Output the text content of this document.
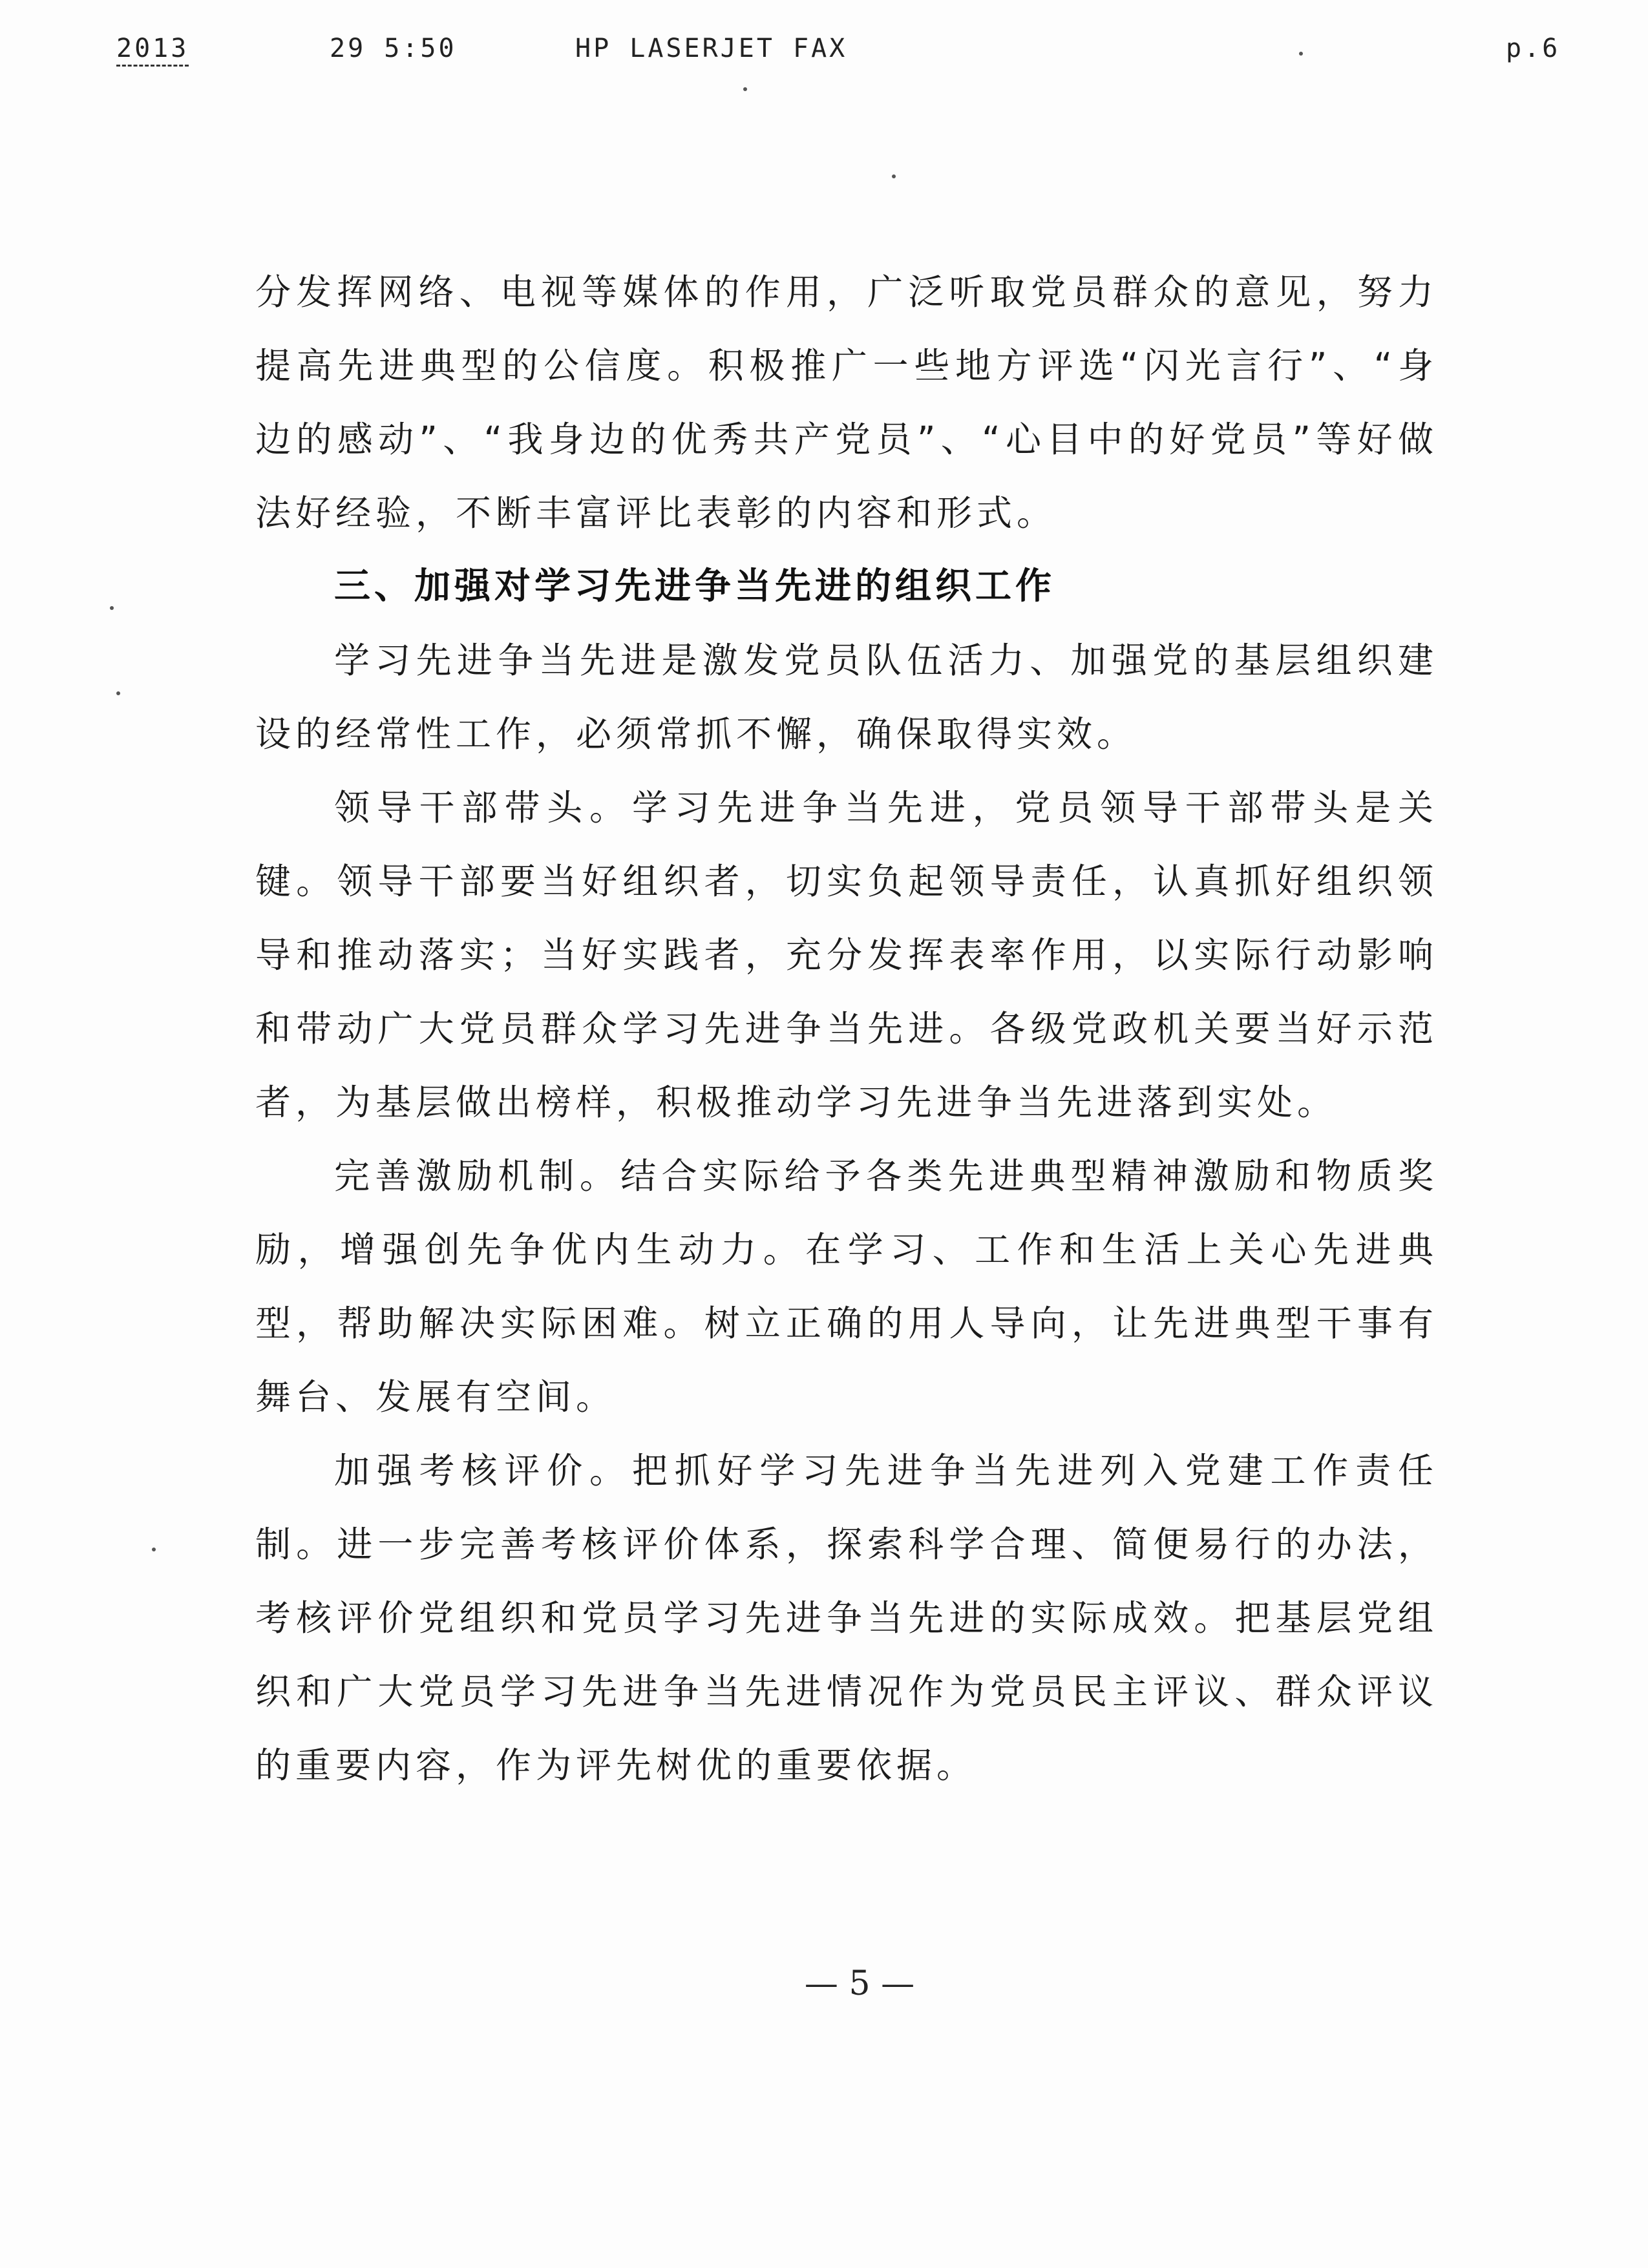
2013	29 5:50	HP LASERJET FAX	p.6

分发挥网络、电视等媒体的作用，广泛听取党员群众的意见，努力提高先进典型的公信度。积极推广一些地方评选“闪光言行”、“身边的感动”、“我身边的优秀共产党员”、“心目中的好党员”等好做法好经验，不断丰富评比表彰的内容和形式。

三、加强对学习先进争当先进的组织工作

学习先进争当先进是激发党员队伍活力、加强党的基层组织建设的经常性工作，必须常抓不懈，确保取得实效。

领导干部带头。学习先进争当先进，党员领导干部带头是关键。领导干部要当好组织者，切实负起领导责任，认真抓好组织领导和推动落实；当好实践者，充分发挥表率作用，以实际行动影响和带动广大党员群众学习先进争当先进。各级党政机关要当好示范者，为基层做出榜样，积极推动学习先进争当先进落到实处。

完善激励机制。结合实际给予各类先进典型精神激励和物质奖励，增强创先争优内生动力。在学习、工作和生活上关心先进典型，帮助解决实际困难。树立正确的用人导向，让先进典型干事有舞台、发展有空间。

加强考核评价。把抓好学习先进争当先进列入党建工作责任制。进一步完善考核评价体系，探索科学合理、简便易行的办法，考核评价党组织和党员学习先进争当先进的实际成效。把基层党组织和广大党员学习先进争当先进情况作为党员民主评议、群众评议的重要内容，作为评先树优的重要依据。

— 5 —
